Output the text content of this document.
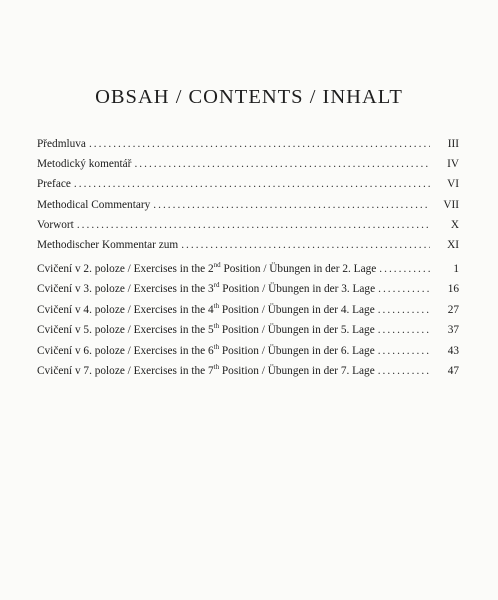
OBSAH / CONTENTS / INHALT
Předmluva . . .	III
Metodický komentář . . .	IV
Preface . . .	VI
Methodical Commentary . . .	VII
Vorwort . . .	X
Methodischer Kommentar zum . . .	XI
Cvičení v 2. poloze / Exercises in the 2nd Position / Übungen in der 2. Lage . . .	1
Cvičení v 3. poloze / Exercises in the 3rd Position / Übungen in der 3. Lage . . .	16
Cvičení v 4. poloze / Exercises in the 4th Position / Übungen in der 4. Lage . . .	27
Cvičení v 5. poloze / Exercises in the 5th Position / Übungen in der 5. Lage . . .	37
Cvičení v 6. poloze / Exercises in the 6th Position / Übungen in der 6. Lage . . .	43
Cvičení v 7. poloze / Exercises in the 7th Position / Übungen in der 7. Lage . . .	47
